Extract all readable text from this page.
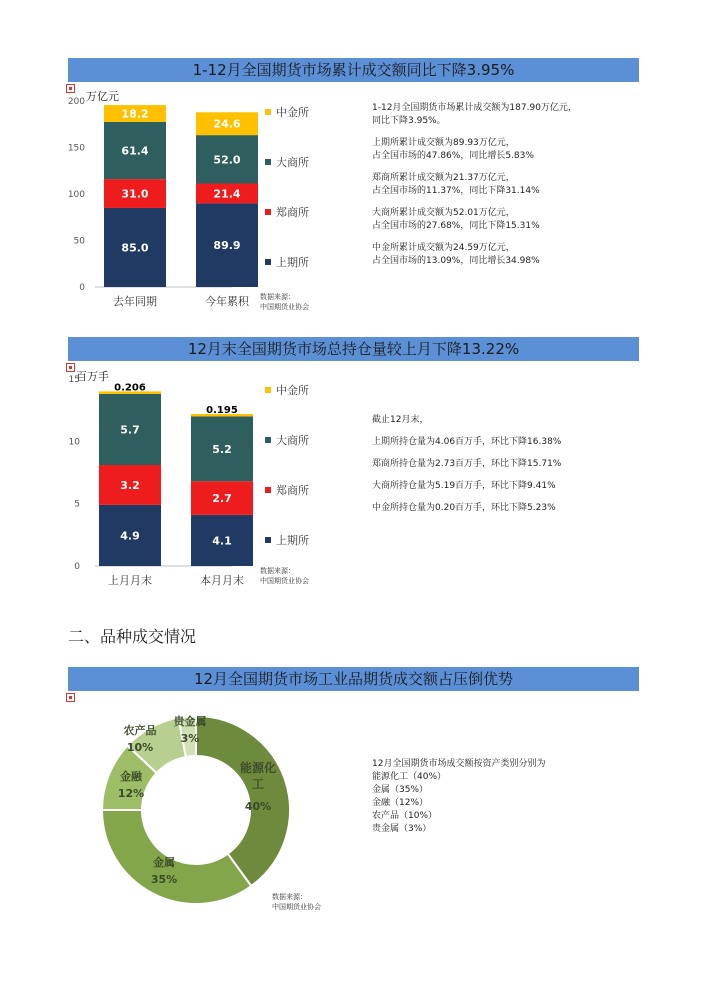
1-12月全国期货市场累计成交额同比下降3.95%
1-12月全国期货市场累计成交额为187.90万亿元，
同比下降3.95%。
上期所累计成交额为89.93万亿元，
占全国市场的47.86%，同比增长5.83%
郑商所累计成交额为21.37万亿元，
占全国市场的11.37%，同比下降31.14%
大商所累计成交额为52.01万亿元，
占全国市场的27.68%，同比下降15.31%
中金所累计成交额为24.59万亿元，
占全国市场的13.09%，同比增长34.98%
数据来源：
中国期货业协会
12月末全国期货市场总持仓量较上月下降13.22%
截止12月末，
上期所持仓量为4.06百万手，环比下降16.38%
郑商所持仓量为2.73百万手，环比下降15.71%
大商所持仓量为5.19百万手，环比下降9.41%
中金所持仓量为0.20百万手，环比下降5.23%
数据来源：
中国期货业协会
二、品种成交情况
12月全国期货市场工业品期货成交额占压倒优势
12月全国期货市场成交额按资产类别分别为
能源化工（40%）
金属（35%）
金融（12%）
农产品（10%）
贵金属（3%）
数据来源：
中国期货业协会
万亿元
0
50
100
150
200
85.0
31.0
61.4
18.2
去年同期
89.9
21.4
52.0
24.6
今年累积
中金所
大商所
郑商所
上期所
百万手
0
5
10
15
4.9
3.2
5.7
0.206
上月月末
4.1
2.7
5.2
0.195
本月月末
中金所
大商所
郑商所
上期所
能源化
工
40%
金属
35%
金融
12%
农产品
10%
贵金属
3%
